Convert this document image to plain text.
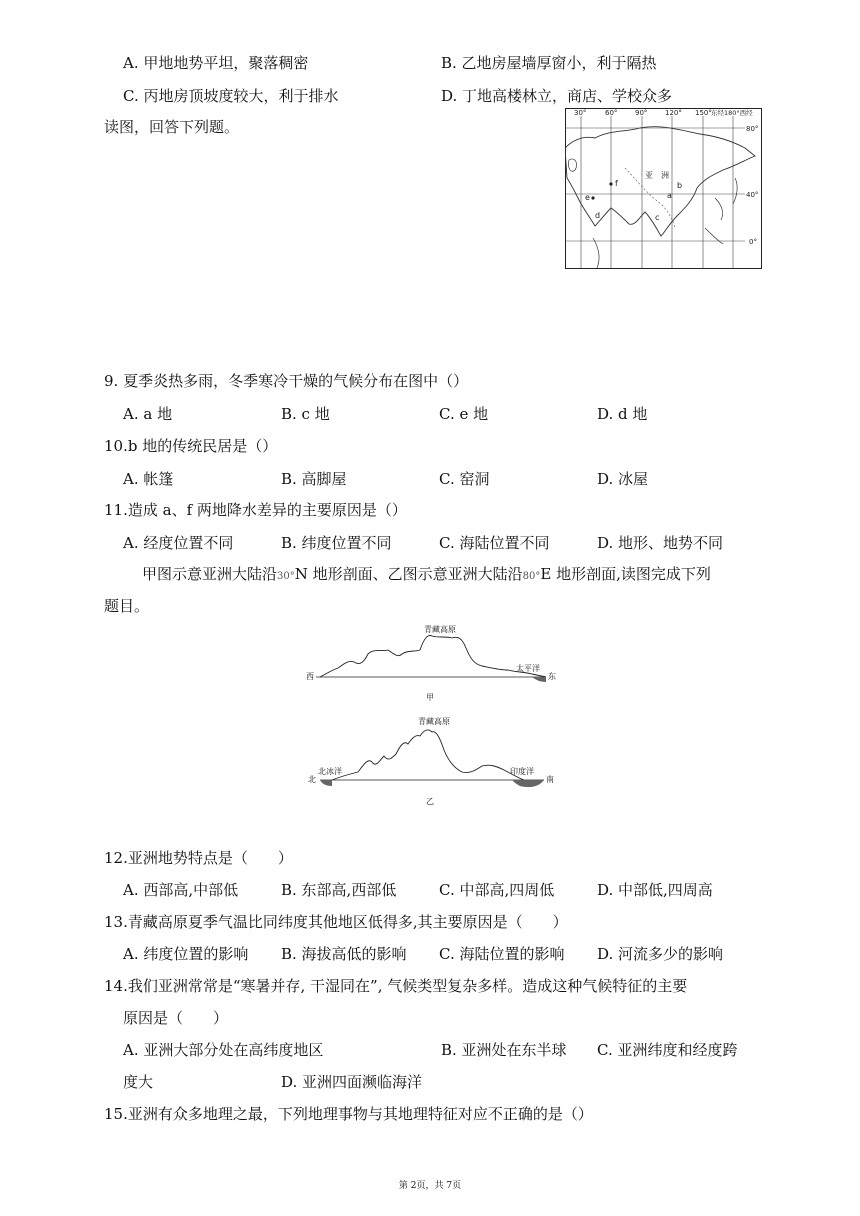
A. 甲地地势平坦，聚落稠密	B. 乙地房屋墙厚窗小，利于隔热
C. 丙地房顶坡度较大，利于排水	D. 丁地高楼林立，商店、学校众多
读图，回答下列题。
30°	60°	90°	120° 150° 东经180°西经
80°
40°
0°
亚　洲
a
b
c
d
e
f
9. 夏季炎热多雨，冬季寒冷干燥的气候分布在图中（）
A. a 地	B. c 地	C. e 地	D. d 地
10.b 地的传统民居是（）
A. 帐篷	B. 高脚屋	C. 窑洞	D. 冰屋
11.造成 a、f 两地降水差异的主要原因是（）
A. 经度位置不同	B. 纬度位置不同	C. 海陆位置不同	D. 地形、地势不同
甲图示意亚洲大陆沿30°N 地形剖面、乙图示意亚洲大陆沿80°E 地形剖面,读图完成下列
题目。
青藏高原
西	东
太平洋
甲
青藏高原
北	南
北冰洋	印度洋
乙
12.亚洲地势特点是（　　）
A. 西部高,中部低	B. 东部高,西部低	C. 中部高,四周低	D. 中部低,四周高
13.青藏高原夏季气温比同纬度其他地区低得多,其主要原因是（　　）
A. 纬度位置的影响 B. 海拔高低的影响 C. 海陆位置的影响 D. 河流多少的影响
14.我们亚洲常常是“寒暑并存, 干湿同在”, 气候类型复杂多样。造成这种气候特征的主要
原因是（　　）
A. 亚洲大部分处在高纬度地区	B. 亚洲处在东半球 C. 亚洲纬度和经度跨
度大	D. 亚洲四面濒临海洋
15.亚洲有众多地理之最，下列地理事物与其地理特征对应不正确的是（）
第 2页，共 7页
